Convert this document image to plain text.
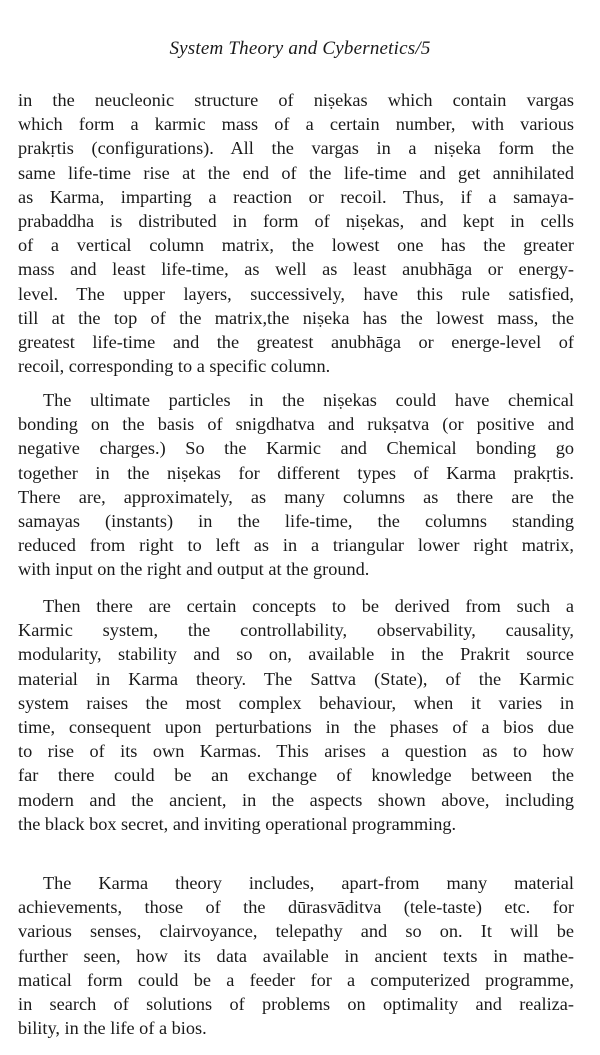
System Theory and Cybernetics/5
in the neucleonic structure of niṣekas which contain vargas
which form a karmic mass of a certain number, with various
prakṛtis (configurations). All the vargas in a niṣeka form the
same life-time rise at the end of the life-time and get annihilated
as Karma, imparting a reaction or recoil. Thus, if a samaya-
prabaddha is distributed in form of niṣekas, and kept in cells
of a vertical column matrix, the lowest one has the greater
mass and least life-time, as well as least anubhāga or energy-
level. The upper layers, successively, have this rule satisfied,
till at the top of the matrix,the niṣeka has the lowest mass, the
greatest life-time and the greatest anubhāga or energe-level of
recoil, corresponding to a specific column.
The ultimate particles in the niṣekas could have chemical
bonding on the basis of snigdhatva and rukṣatva (or positive and
negative charges.) So the Karmic and Chemical bonding go
together in the niṣekas for different types of Karma prakṛtis.
There are, approximately, as many columns as there are the
samayas (instants) in the life-time, the columns standing
reduced from right to left as in a triangular lower right matrix,
with input on the right and output at the ground.
Then there are certain concepts to be derived from such a
Karmic system, the controllability, observability, causality,
modularity, stability and so on, available in the Prakrit source
material in Karma theory. The Sattva (State), of the Karmic
system raises the most complex behaviour, when it varies in
time, consequent upon perturbations in the phases of a bios due
to rise of its own Karmas. This arises a question as to how
far there could be an exchange of knowledge between the
modern and the ancient, in the aspects shown above, including
the black box secret, and inviting operational programming.
The Karma theory includes, apart-from many material
achievements, those of the dūrasvāditva (tele-taste) etc. for
various senses, clairvoyance, telepathy and so on. It will be
further seen, how its data available in ancient texts in mathe-
matical form could be a feeder for a computerized programme,
in search of solutions of problems on optimality and realiza-
bility, in the life of a bios.
